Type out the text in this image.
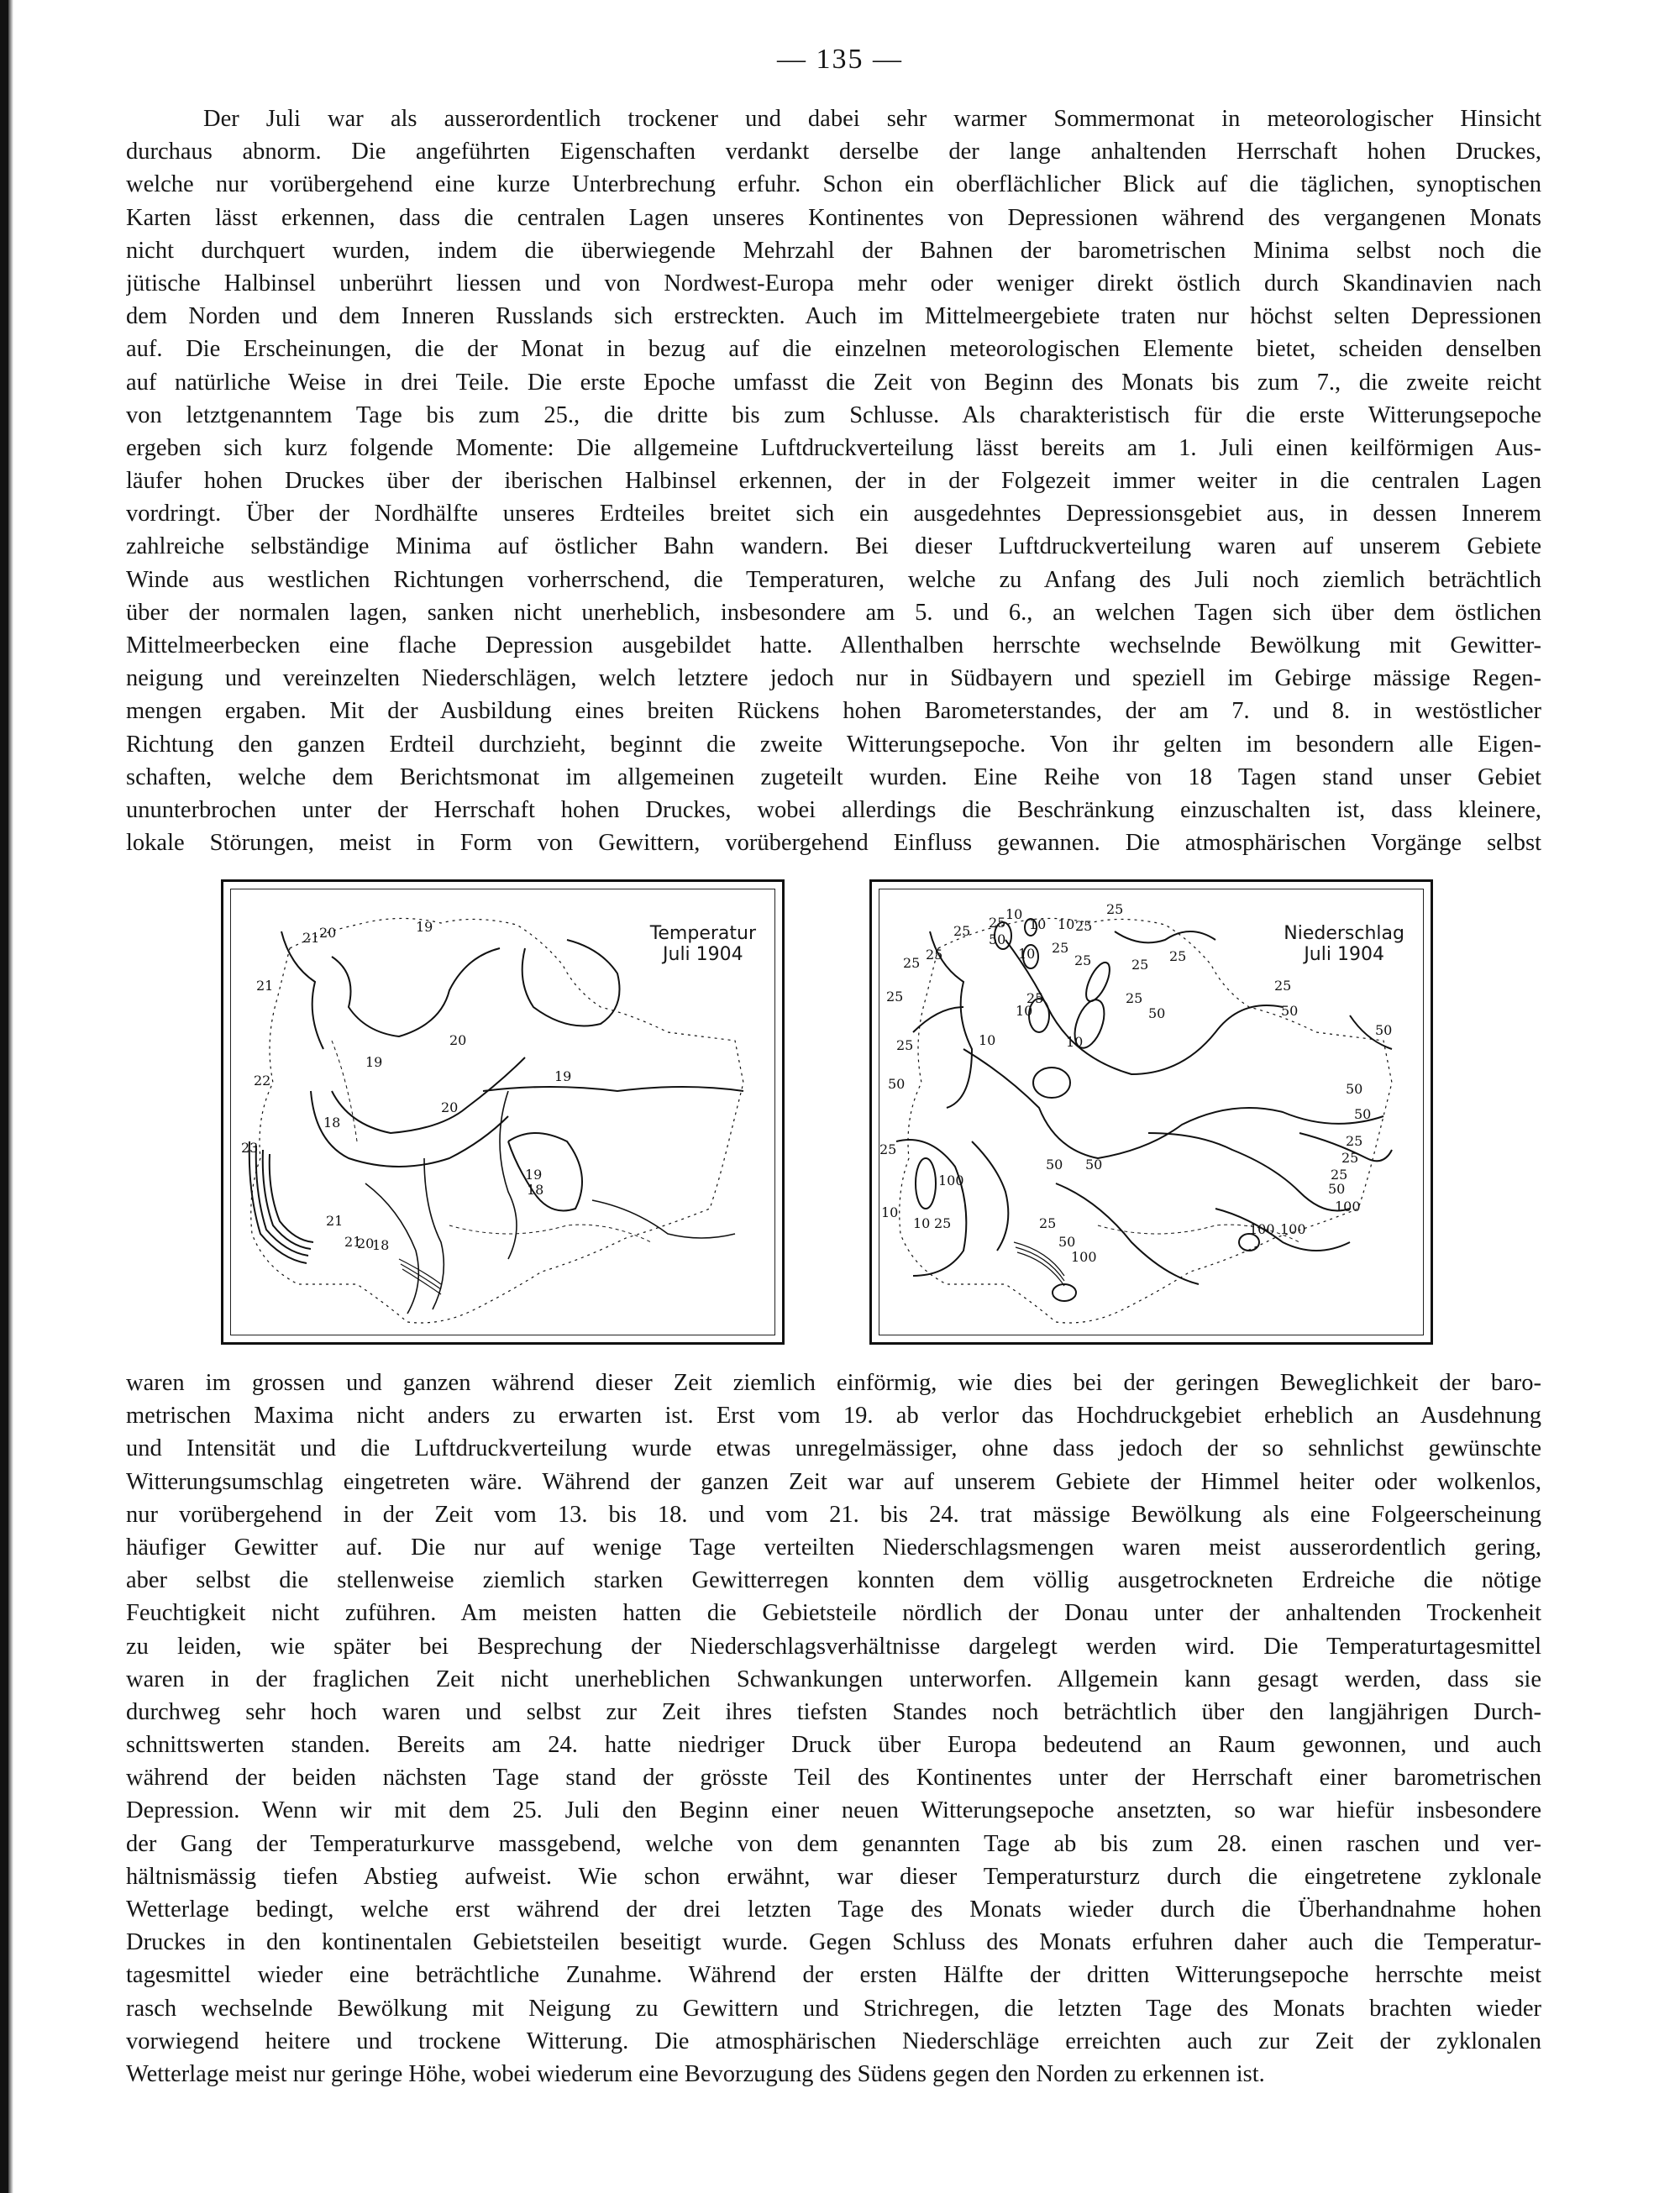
— 135 —
Der Juli war als ausserordentlich trockener und dabei sehr warmer Sommermonat in meteorologischer Hinsicht
durchaus abnorm. Die angeführten Eigenschaften verdankt derselbe der lange anhaltenden Herrschaft hohen Druckes,
welche nur vorübergehend eine kurze Unterbrechung erfuhr. Schon ein oberflächlicher Blick auf die täglichen, synoptischen
Karten lässt erkennen, dass die centralen Lagen unseres Kontinentes von Depressionen während des vergangenen Monats
nicht durchquert wurden, indem die überwiegende Mehrzahl der Bahnen der barometrischen Minima selbst noch die
jütische Halbinsel unberührt liessen und von Nordwest-Europa mehr oder weniger direkt östlich durch Skandinavien nach
dem Norden und dem Inneren Russlands sich erstreckten. Auch im Mittelmeergebiete traten nur höchst selten Depressionen
auf. Die Erscheinungen, die der Monat in bezug auf die einzelnen meteorologischen Elemente bietet, scheiden denselben
auf natürliche Weise in drei Teile. Die erste Epoche umfasst die Zeit von Beginn des Monats bis zum 7., die zweite reicht
von letztgenanntem Tage bis zum 25., die dritte bis zum Schlusse. Als charakteristisch für die erste Witterungsepoche
ergeben sich kurz folgende Momente: Die allgemeine Luftdruckverteilung lässt bereits am 1. Juli einen keilförmigen Aus-
läufer hohen Druckes über der iberischen Halbinsel erkennen, der in der Folgezeit immer weiter in die centralen Lagen
vordringt. Über der Nordhälfte unseres Erdteiles breitet sich ein ausgedehntes Depressionsgebiet aus, in dessen Innerem
zahlreiche selbständige Minima auf östlicher Bahn wandern. Bei dieser Luftdruckverteilung waren auf unserem Gebiete
Winde aus westlichen Richtungen vorherrschend, die Temperaturen, welche zu Anfang des Juli noch ziemlich beträchtlich
über der normalen lagen, sanken nicht unerheblich, insbesondere am 5. und 6., an welchen Tagen sich über dem östlichen
Mittelmeerbecken eine flache Depression ausgebildet hatte. Allenthalben herrschte wechselnde Bewölkung mit Gewitter-
neigung und vereinzelten Niederschlägen, welch letztere jedoch nur in Südbayern und speziell im Gebirge mässige Regen-
mengen ergaben. Mit der Ausbildung eines breiten Rückens hohen Barometerstandes, der am 7. und 8. in westöstlicher
Richtung den ganzen Erdteil durchzieht, beginnt die zweite Witterungsepoche. Von ihr gelten im besondern alle Eigen-
schaften, welche dem Berichtsmonat im allgemeinen zugeteilt wurden. Eine Reihe von 18 Tagen stand unser Gebiet
ununterbrochen unter der Herrschaft hohen Druckes, wobei allerdings die Beschränkung einzuschalten ist, dass kleinere,
lokale Störungen, meist in Form von Gewittern, vorübergehend Einfluss gewannen. Die atmosphärischen Vorgänge selbst
Temperatur
Juli 1904
21 20	19
21
20
19
22
18
20
23
21
21
20
18
19
18
19
Niederschlag
Juli 1904
10
25 10 10 25
25
25
50
25
25
10	25
25	25
10
10
25
50
25
50
10
50
50
25
50
50
25
50	25
25
100
50
100
10
10 25	25	100 100
50
100
25
25
25
50
25
waren im grossen und ganzen während dieser Zeit ziemlich einförmig, wie dies bei der geringen Beweglichkeit der baro-
metrischen Maxima nicht anders zu erwarten ist. Erst vom 19. ab verlor das Hochdruckgebiet erheblich an Ausdehnung
und Intensität und die Luftdruckverteilung wurde etwas unregelmässiger, ohne dass jedoch der so sehnlichst gewünschte
Witterungsumschlag eingetreten wäre. Während der ganzen Zeit war auf unserem Gebiete der Himmel heiter oder wolkenlos,
nur vorübergehend in der Zeit vom 13. bis 18. und vom 21. bis 24. trat mässige Bewölkung als eine Folgeerscheinung
häufiger Gewitter auf. Die nur auf wenige Tage verteilten Niederschlagsmengen waren meist ausserordentlich gering,
aber selbst die stellenweise ziemlich starken Gewitterregen konnten dem völlig ausgetrockneten Erdreiche die nötige
Feuchtigkeit nicht zuführen. Am meisten hatten die Gebietsteile nördlich der Donau unter der anhaltenden Trockenheit
zu leiden, wie später bei Besprechung der Niederschlagsverhältnisse dargelegt werden wird. Die Temperaturtagesmittel
waren in der fraglichen Zeit nicht unerheblichen Schwankungen unterworfen. Allgemein kann gesagt werden, dass sie
durchweg sehr hoch waren und selbst zur Zeit ihres tiefsten Standes noch beträchtlich über den langjährigen Durch-
schnittswerten standen. Bereits am 24. hatte niedriger Druck über Europa bedeutend an Raum gewonnen, und auch
während der beiden nächsten Tage stand der grösste Teil des Kontinentes unter der Herrschaft einer barometrischen
Depression. Wenn wir mit dem 25. Juli den Beginn einer neuen Witterungsepoche ansetzten, so war hiefür insbesondere
der Gang der Temperaturkurve massgebend, welche von dem genannten Tage ab bis zum 28. einen raschen und ver-
hältnismässig tiefen Abstieg aufweist. Wie schon erwähnt, war dieser Temperatursturz durch die eingetretene zyklonale
Wetterlage bedingt, welche erst während der drei letzten Tage des Monats wieder durch die Überhandnahme hohen
Druckes in den kontinentalen Gebietsteilen beseitigt wurde. Gegen Schluss des Monats erfuhren daher auch die Temperatur-
tagesmittel wieder eine beträchtliche Zunahme. Während der ersten Hälfte der dritten Witterungsepoche herrschte meist
rasch wechselnde Bewölkung mit Neigung zu Gewittern und Strichregen, die letzten Tage des Monats brachten wieder
vorwiegend heitere und trockene Witterung. Die atmosphärischen Niederschläge erreichten auch zur Zeit der zyklonalen
Wetterlage meist nur geringe Höhe, wobei wiederum eine Bevorzugung des Südens gegen den Norden zu erkennen ist.
